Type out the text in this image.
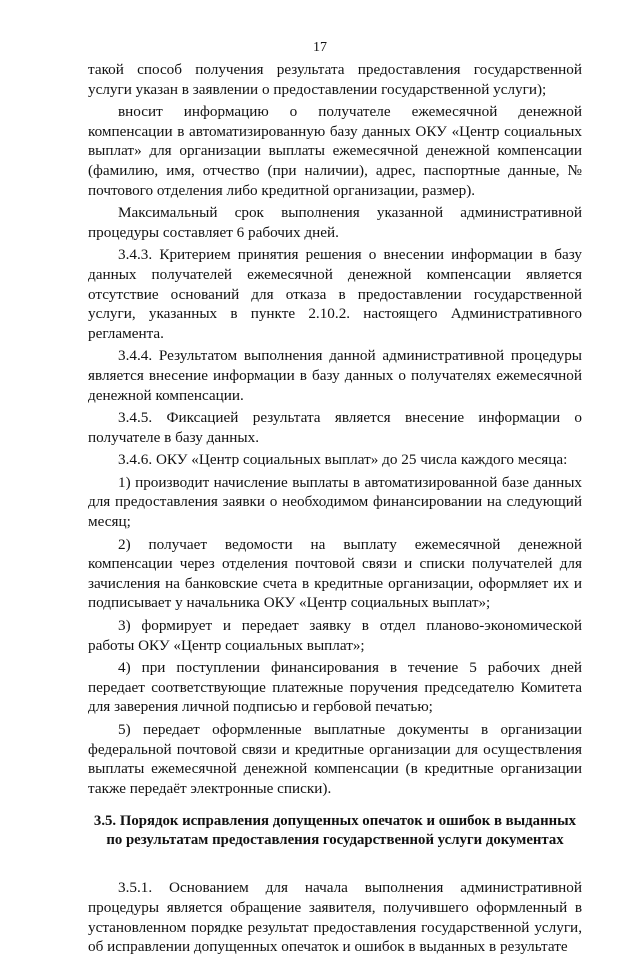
17

такой способ получения результата предоставления государственной услуги указан в заявлении о предоставлении государственной услуги);

вносит информацию о получателе ежемесячной денежной компенсации в автоматизированную базу данных ОКУ «Центр социальных выплат» для организации выплаты ежемесячной денежной компенсации (фамилию, имя, отчество (при наличии), адрес, паспортные данные, № почтового отделения либо кредитной организации, размер).

Максимальный срок выполнения указанной административной процедуры составляет 6 рабочих дней.

3.4.3. Критерием принятия решения о внесении информации в базу данных получателей ежемесячной денежной компенсации является отсутствие оснований для отказа в предоставлении государственной услуги, указанных в пункте 2.10.2. настоящего Административного регламента.

3.4.4. Результатом выполнения данной административной процедуры является внесение информации в базу данных о получателях ежемесячной денежной компенсации.

3.4.5. Фиксацией результата является внесение информации о получателе в базу данных.

3.4.6. ОКУ «Центр социальных выплат» до 25 числа каждого месяца:

1) производит начисление выплаты в автоматизированной базе данных для предоставления заявки о необходимом финансировании на следующий месяц;

2) получает ведомости на выплату ежемесячной денежной компенсации через отделения почтовой связи и списки получателей для зачисления на банковские счета в кредитные организации, оформляет их и подписывает у начальника ОКУ «Центр социальных выплат»;

3) формирует и передает заявку в отдел планово-экономической работы ОКУ «Центр социальных выплат»;

4) при поступлении финансирования в течение 5 рабочих дней передает соответствующие платежные поручения председателю Комитета для заверения личной подписью и гербовой печатью;

5) передает оформленные выплатные документы в организации федеральной почтовой связи и кредитные организации для осуществления выплаты ежемесячной денежной компенсации (в кредитные организации также передаёт электронные списки).

3.5. Порядок исправления допущенных опечаток и ошибок в выданных по результатам предоставления государственной услуги документах

3.5.1. Основанием для начала выполнения административной процедуры является обращение заявителя, получившего оформленный в установленном порядке результат предоставления государственной услуги, об исправлении допущенных опечаток и ошибок в выданных в результате
